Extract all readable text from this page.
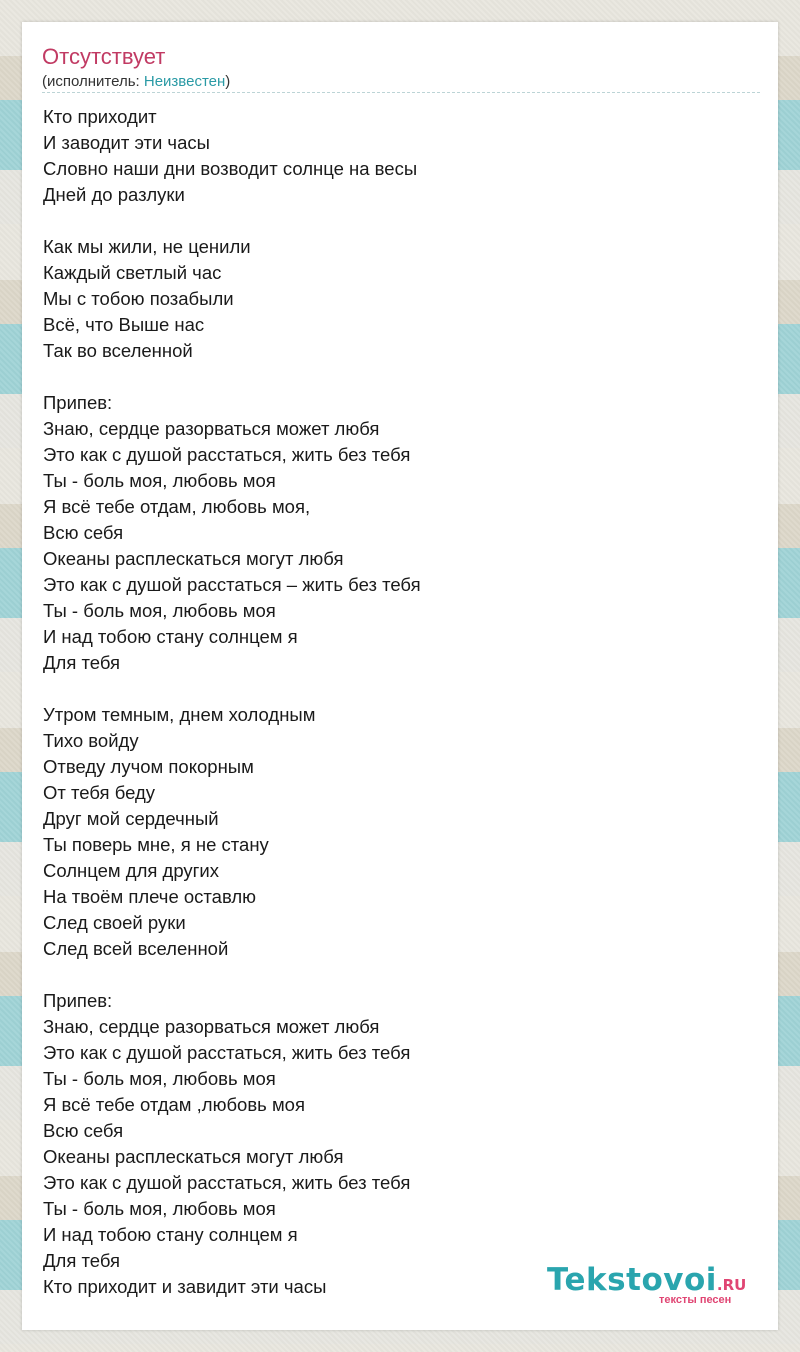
Отсутствует
(исполнитель: Неизвестен)
Кто приходит
И заводит эти часы
Словно наши дни возводит солнце на весы
Дней до разлуки
Как мы жили, не ценили
Каждый светлый час
Мы с тобою позабыли
Всё, что Выше нас
Так во вселенной
Припев:
Знаю, сердце разорваться может любя
Это как с душой расстаться, жить без тебя
Ты - боль моя, любовь моя
Я всё тебе отдам, любовь моя,
Всю себя
Океаны расплескаться могут любя
Это как с душой расстаться – жить без тебя
Ты - боль моя, любовь моя
И над тобою стану солнцем я
Для тебя
Утром темным, днем холодным
Тихо войду
Отведу лучом покорным
От тебя беду
Друг мой сердечный
Ты поверь мне, я не стану
Солнцем для других
На твоём плече оставлю
След своей руки
След всей вселенной
Припев:
Знаю, сердце разорваться может любя
Это как с душой расстаться, жить без тебя
Ты - боль моя, любовь моя
Я всё тебе отдам ,любовь моя
Всю себя
Океаны расплескаться могут любя
Это как с душой расстаться, жить без тебя
Ты - боль моя, любовь моя
И над тобою стану солнцем я
Для тебя
Кто приходит и завидит эти часы	Tekstovoi.RU
тексты песен
